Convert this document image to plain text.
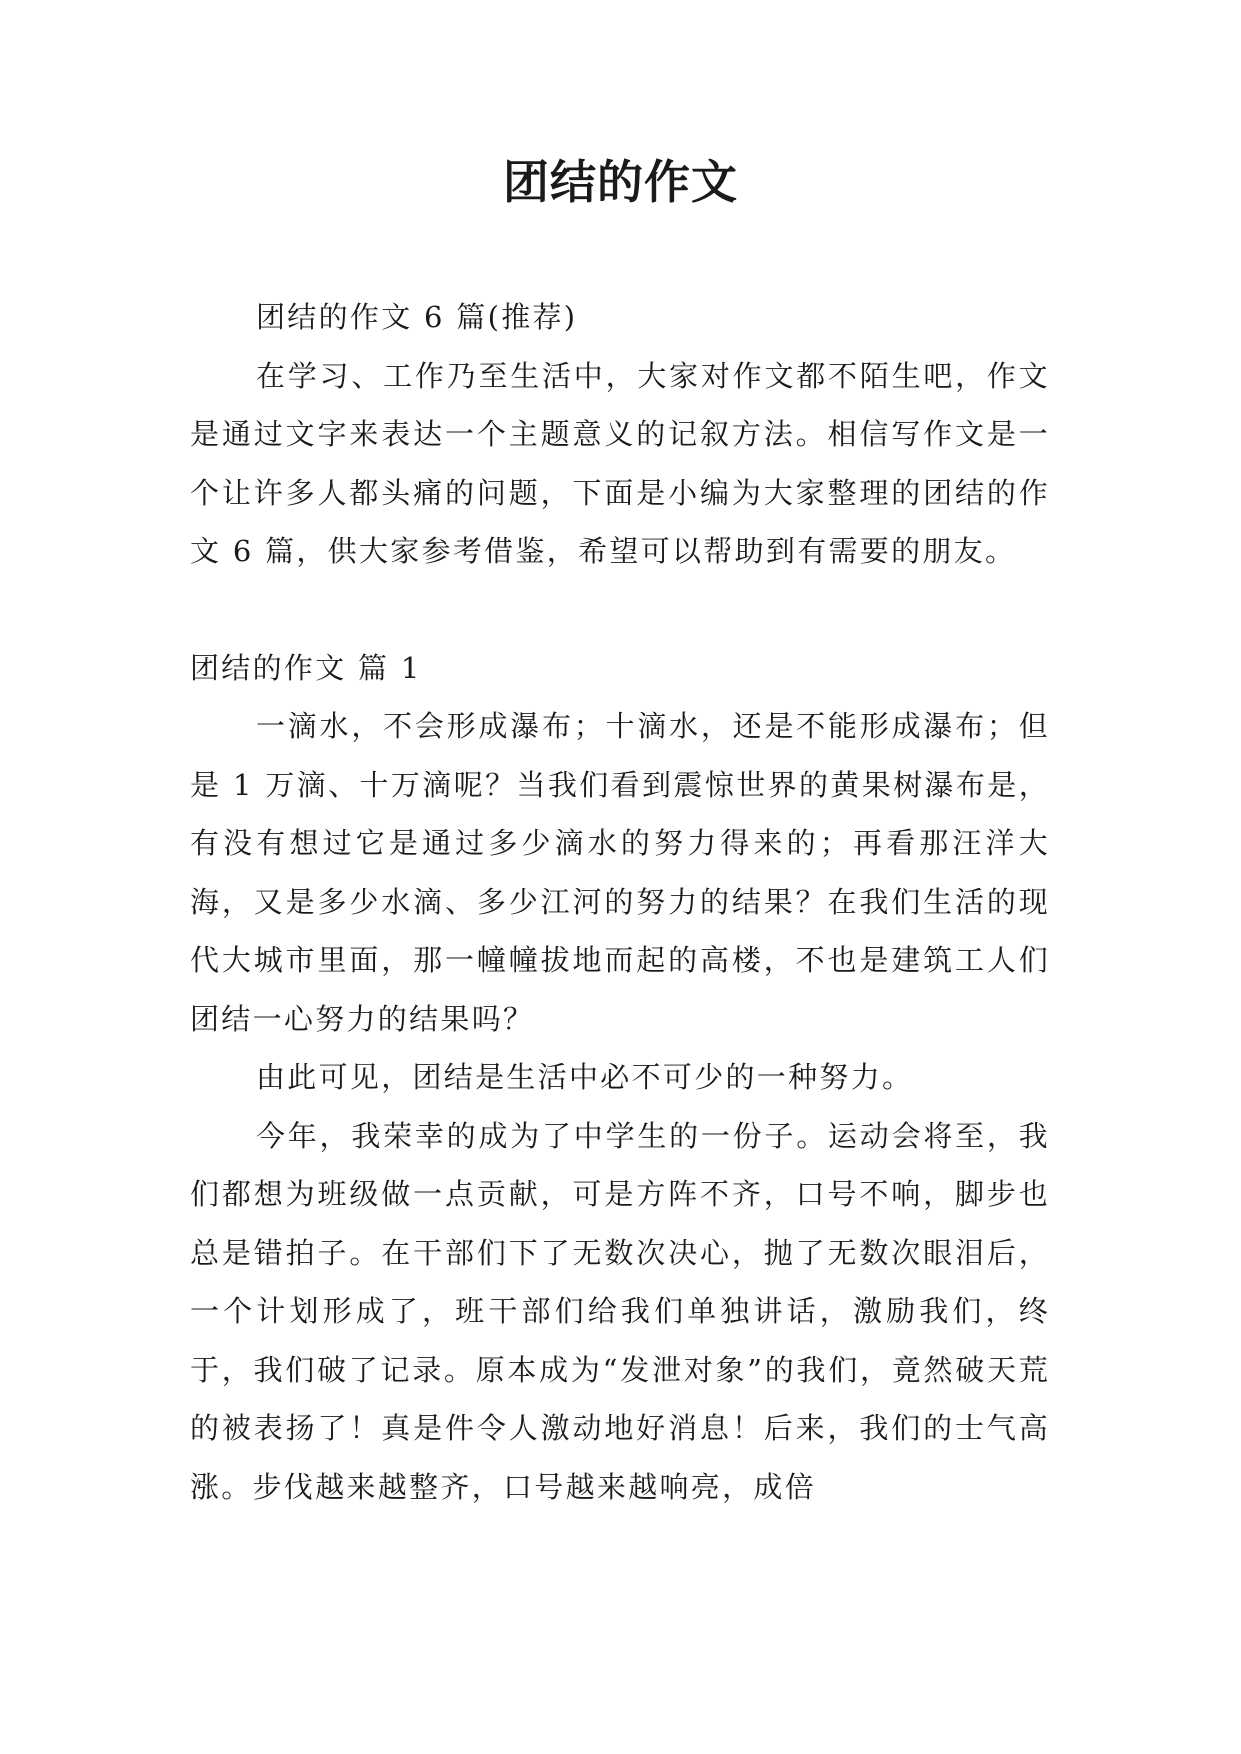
团结的作文

团结的作文 6 篇(推荐)

在学习、工作乃至生活中，大家对作文都不陌生吧，作文是通过文字来表达一个主题意义的记叙方法。相信写作文是一个让许多人都头痛的问题，下面是小编为大家整理的团结的作文 6 篇，供大家参考借鉴，希望可以帮助到有需要的朋友。

团结的作文 篇 1

一滴水，不会形成瀑布；十滴水，还是不能形成瀑布；但是 1 万滴、十万滴呢？当我们看到震惊世界的黄果树瀑布是，有没有想过它是通过多少滴水的努力得来的；再看那汪洋大海，又是多少水滴、多少江河的努力的结果？在我们生活的现代大城市里面，那一幢幢拔地而起的高楼，不也是建筑工人们团结一心努力的结果吗？

由此可见，团结是生活中必不可少的一种努力。

今年，我荣幸的成为了中学生的一份子。运动会将至，我们都想为班级做一点贡献，可是方阵不齐，口号不响，脚步也总是错拍子。在干部们下了无数次决心，抛了无数次眼泪后，一个计划形成了，班干部们给我们单独讲话，激励我们，终于，我们破了记录。原本成为“发泄对象”的我们，竟然破天荒的被表扬了！真是件令人激动地好消息！后来，我们的士气高涨。步伐越来越整齐，口号越来越响亮，成倍
